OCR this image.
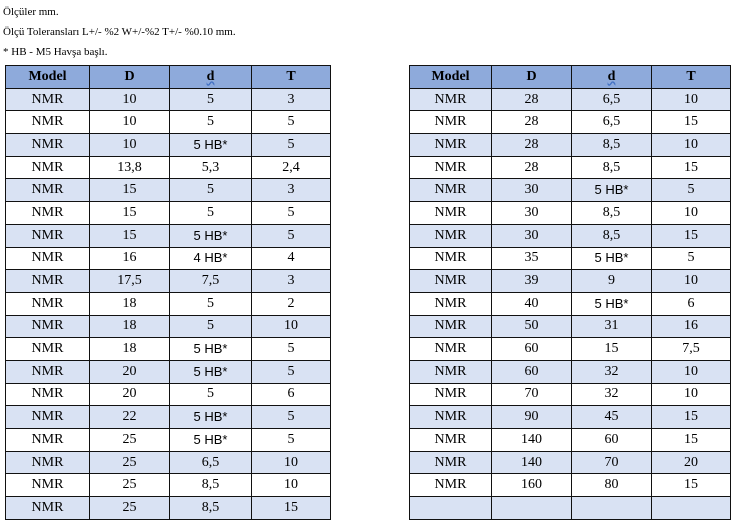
Ölçüler mm.
Ölçü Toleransları L+/- %2 W+/-%2 T+/- %0.10 mm.
* HB - M5 Havşa başlı.
Model	D	d	T
NMR	10	5	3
NMR	10	5	5
NMR	10	5 HB*	5
NMR	13,8	5,3	2,4
NMR	15	5	3
NMR	15	5	5
NMR	15	5 HB*	5
NMR	16	4 HB*	4
NMR	17,5	7,5	3
NMR	18	5	2
NMR	18	5	10
NMR	18	5 HB*	5
NMR	20	5 HB*	5
NMR	20	5	6
NMR	22	5 HB*	5
NMR	25	5 HB*	5
NMR	25	6,5	10
NMR	25	8,5	10
NMR	25	8,5	15
Model	D	d	T
NMR	28	6,5	10
NMR	28	6,5	15
NMR	28	8,5	10
NMR	28	8,5	15
NMR	30	5 HB*	5
NMR	30	8,5	10
NMR	30	8,5	15
NMR	35	5 HB*	5
NMR	39	9	10
NMR	40	5 HB*	6
NMR	50	31	16
NMR	60	15	7,5
NMR	60	32	10
NMR	70	32	10
NMR	90	45	15
NMR	140	60	15
NMR	140	70	20
NMR	160	80	15
